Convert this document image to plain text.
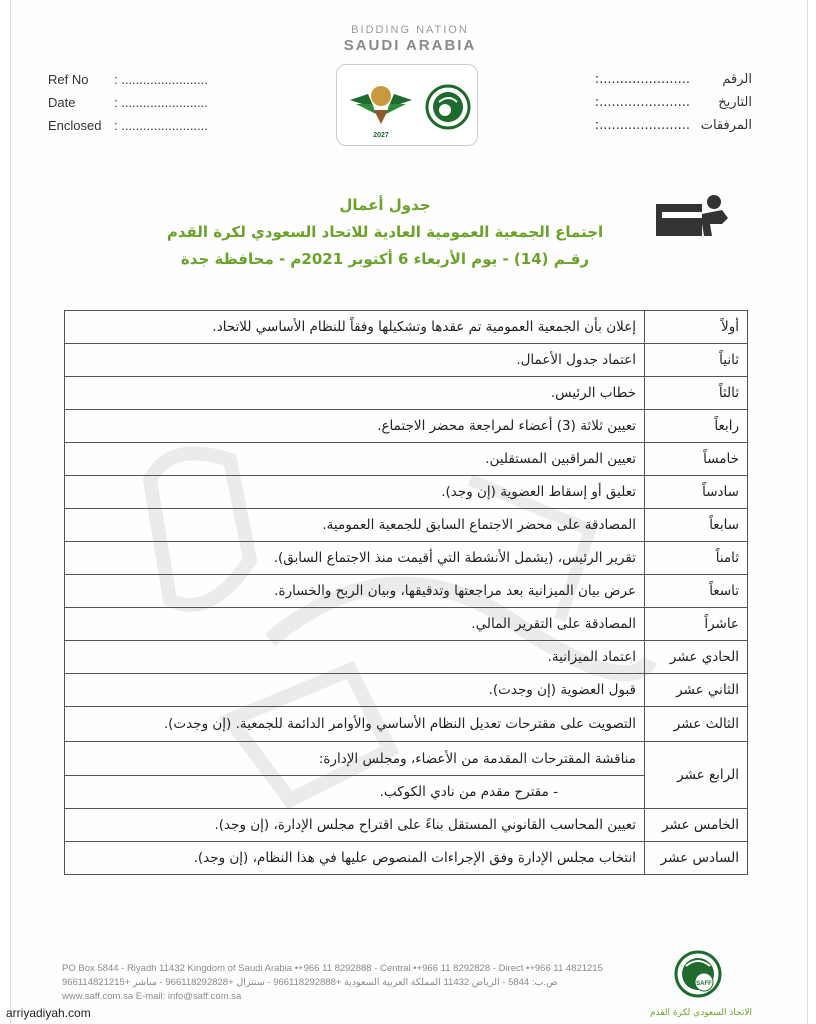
BIDDING NATION
SAUDI ARABIA
2027
Ref No : ........................
Date	: ........................
Enclosed : ........................
الرقم......................:
التاريخ......................:
المرفقات......................:
جدول أعمال
اجتماع الجمعية العمومية العادية للاتحاد السعودي لكرة القدم
رقـم (14) - يوم الأربعاء 6 أكتوبر 2021م - محافظة جدة
أولاً	إعلان بأن الجمعية العمومية تم عقدها وتشكيلها وفقاً للنظام الأساسي للاتحاد.
ثانياً	اعتماد جدول الأعمال.
ثالثاً	خطاب الرئيس.
رابعاً	تعيين ثلاثة (3) أعضاء لمراجعة محضر الاجتماع.
خامساً	تعيين المراقبين المستقلين.
سادساً	تعليق أو إسقاط العضوية (إن وجد).
سابعاً	المصادقة على محضر الاجتماع السابق للجمعية العمومية.
ثامناً	تقرير الرئيس، (يشمل الأنشطة التي أقيمت منذ الاجتماع السابق).
تاسعاً	عرض بيان الميزانية بعد مراجعتها وتدقيقها، وبيان الربح والخسارة.
عاشراً	المصادقة على التقرير المالي.
الحادي عشر	اعتماد الميزانية.
الثاني عشر	قبول العضوية (إن وجدت).
الثالث عشر	التصويت على مقترحات تعديل النظام الأساسي والأوامر الدائمة للجمعية. (إن وجدت).
الرابع عشر	مناقشة المقترحات المقدمة من الأعضاء، ومجلس الإدارة:
	- مقترح مقدم من نادي الكوكب.
الخامس عشر	تعيين المحاسب القانوني المستقل بناءً على اقتراح مجلس الإدارة، (إن وجد).
السادس عشر	انتخاب مجلس الإدارة وفق الإجراءات المنصوص عليها في هذا النظام، (إن وجد).
PO Box 5844 - Riyadh 11432 Kingdom of Saudi Arabia •+966 11 8292888 - Central •+966 11 8292828 - Direct •+966 11 4821215
ص.ب: 5844 - الرياض 11432 المملكة العربية السعودية +966118292888 - سنترال +966118292828 - مباشر +966114821215
www.saff.com.sa E-mail: info@saff.com.sa
SAFF
الاتحاد السعودي لكرة القدم
arriyadiyah.com
